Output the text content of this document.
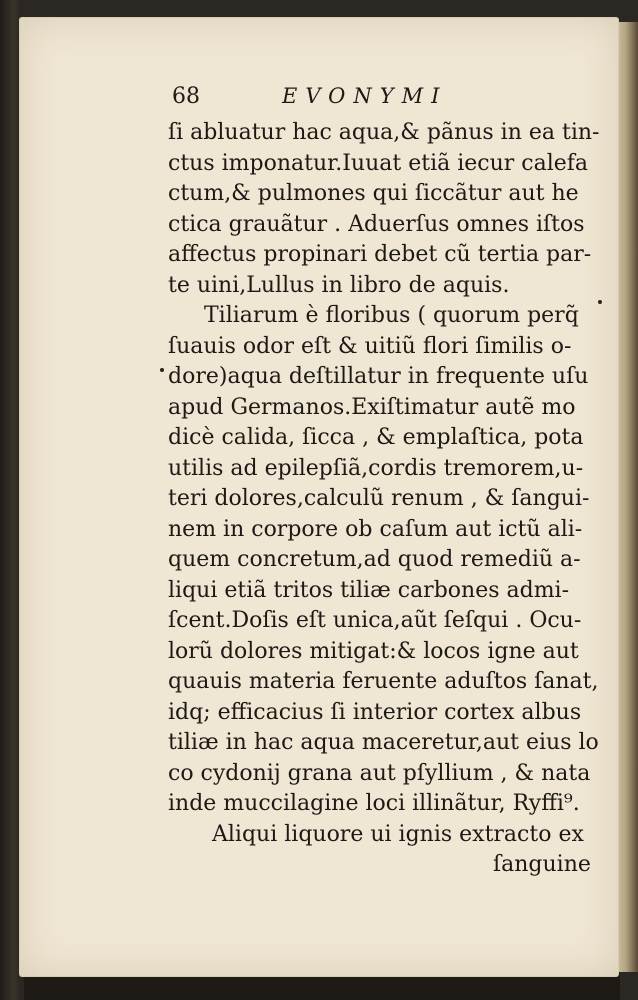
68	EVONYMI
ſi abluatur hac aqua,& pãnus in ea tin-
ctus imponatur.Iuuat etiã iecur calefa
ctum,& pulmones qui ſiccãtur aut he
ctica grauãtur . Aduerſus omnes iſtos
affectus propinari debet cũ tertia par-
te uini,Lullus in libro de aquis.
Tiliarum è floribus ( quorum perq̃
ſuauis odor eſt & uitiũ flori ſimilis o-
dore)aqua deſtillatur in frequente uſu
apud Germanos.Exiſtimatur autẽ mo
dicè calida, ſicca , & emplaſtica, pota
utilis ad epilepſiã,cordis tremorem,u-
teri dolores,calculũ renum , & ſangui-
nem in corpore ob caſum aut ictũ ali-
quem concretum,ad quod remediũ a-
liqui etiã tritos tiliæ carbones admi-
ſcent.Doſis eſt unica,aũt ſeſqui . Ocu-
lorũ dolores mitigat:& locos igne aut
quauis materia feruente aduſtos ſanat,
idq; efficacius ſi interior cortex albus
tiliæ in hac aqua maceretur,aut eius lo
co cydonij grana aut pſyllium , & nata
inde muccilagine loci illinãtur, Ryffi⁹.
Aliqui liquore ui ignis extracto ex
ſanguine
